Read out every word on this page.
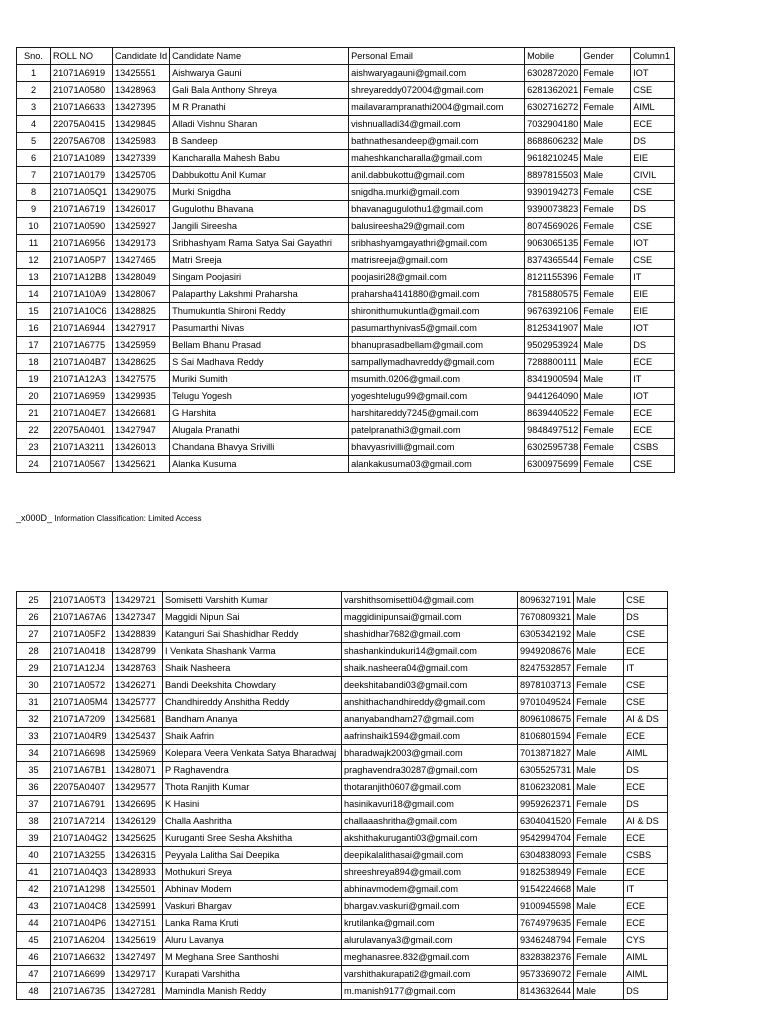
Sno.	ROLL NO	Candidate Id	Candidate Name	Personal Email	Mobile	Gender	Column1
1	21071A6919	13425551	Aishwarya Gauni	aishwaryagauni@gmail.com	6302872020	Female	IOT
2	21071A0580	13428963	Gali Bala Anthony Shreya	shreyareddy072004@gmail.com	6281362021	Female	CSE
3	21071A6633	13427395	M R Pranathi	mailavarampranathi2004@gmail.com	6302716272	Female	AIML
4	22075A0415	13429845	Alladi Vishnu Sharan	vishnualladi34@gmail.com	7032904180	Male	ECE
5	22075A6708	13425983	B Sandeep	bathnathesandeep@gmail.com	8688606232	Male	DS
6	21071A1089	13427339	Kancharalla Mahesh Babu	maheshkancharalla@gmail.com	9618210245	Male	EIE
7	21071A0179	13425705	Dabbukottu Anil Kumar	anil.dabbukottu@gmail.com	8897815503	Male	CIVIL
8	21071A05Q1	13429075	Murki Snigdha	snigdha.murki@gmail.com	9390194273	Female	CSE
9	21071A6719	13426017	Gugulothu Bhavana	bhavanagugulothu1@gmail.com	9390073823	Female	DS
10	21071A0590	13425927	Jangili Sireesha	balusireesha29@gmail.com	8074569026	Female	CSE
11	21071A6956	13429173	Sribhashyam Rama Satya Sai Gayathri	sribhashyamgayathri@gmail.com	9063065135	Female	IOT
12	21071A05P7	13427465	Matri Sreeja	matrisreeja@gmail.com	8374365544	Female	CSE
13	21071A12B8	13428049	Singam Poojasiri	poojasiri28@gmail.com	8121155396	Female	IT
14	21071A10A9	13428067	Palaparthy Lakshmi Praharsha	praharsha4141880@gmail.com	7815880575	Female	EIE
15	21071A10C6	13428825	Thumukuntla Shironi Reddy	shironithumukuntla@gmail.com	9676392106	Female	EIE
16	21071A6944	13427917	Pasumarthi Nivas	pasumarthynivas5@gmail.com	8125341907	Male	IOT
17	21071A6775	13425959	Bellam Bhanu Prasad	bhanuprasadbellam@gmail.com	9502953924	Male	DS
18	21071A04B7	13428625	S Sai Madhava Reddy	sampallymadhavreddy@gmail.com	7288800111	Male	ECE
19	21071A12A3	13427575	Muriki Sumith	msumith.0206@gmail.com	8341900594	Male	IT
20	21071A6959	13429935	Telugu Yogesh	yogeshtelugu99@gmail.com	9441264090	Male	IOT
21	21071A04E7	13426681	G Harshita	harshitareddy7245@gmail.com	8639440522	Female	ECE
22	22075A0401	13427947	Alugala Pranathi	patelpranathi3@gmail.com	9848497512	Female	ECE
23	21071A3211	13426013	Chandana Bhavya Srivilli	bhavyasrivilli@gmail.com	6302595738	Female	CSBS
24	21071A0567	13425621	Alanka Kusuma	alankakusuma03@gmail.com	6300975699	Female	CSE
_x000D_ Information Classification: Limited Access
25	21071A05T3	13429721	Somisetti Varshith Kumar	varshithsomisetti04@gmail.com	8096327191	Male	CSE
26	21071A67A6	13427347	Maggidi Nipun Sai	maggidinipunsai@gmail.com	7670809321	Male	DS
27	21071A05F2	13428839	Katanguri Sai Shashidhar Reddy	shashidhar7682@gmail.com	6305342192	Male	CSE
28	21071A0418	13428799	I Venkata Shashank Varma	shashankindukuri14@gmail.com	9949208676	Male	ECE
29	21071A12J4	13428763	Shaik Nasheera	shaik.nasheera04@gmail.com	8247532857	Female	IT
30	21071A0572	13426271	Bandi Deekshita Chowdary	deekshitabandi03@gmail.com	8978103713	Female	CSE
31	21071A05M4	13425777	Chandhireddy Anshitha Reddy	anshithachandhireddy@gmail.com	9701049524	Female	CSE
32	21071A7209	13425681	Bandham Ananya	ananyabandham27@gmail.com	8096108675	Female	AI & DS
33	21071A04R9	13425437	Shaik Aafrin	aafrinshaik1594@gmail.com	8106801594	Female	ECE
34	21071A6698	13425969	Kolepara Veera Venkata Satya Bharadwaj	bharadwajk2003@gmail.com	7013871827	Male	AIML
35	21071A67B1	13428071	P Raghavendra	praghavendra30287@gmail.com	6305525731	Male	DS
36	22075A0407	13429577	Thota Ranjith Kumar	thotaranjith0607@gmail.com	8106232081	Male	ECE
37	21071A6791	13426695	K Hasini	hasinikavuri18@gmail.com	9959262371	Female	DS
38	21071A7214	13426129	Challa Aashritha	challaaashritha@gmail.com	6304041520	Female	AI & DS
39	21071A04G2	13425625	Kuruganti Sree Sesha Akshitha	akshithakuruganti03@gmail.com	9542994704	Female	ECE
40	21071A3255	13426315	Peyyala Lalitha Sai Deepika	deepikalalithasai@gmail.com	6304838093	Female	CSBS
41	21071A04Q3	13428933	Mothukuri Sreya	shreeshreya894@gmail.com	9182538949	Female	ECE
42	21071A1298	13425501	Abhinav Modem	abhinavmodem@gmail.com	9154224668	Male	IT
43	21071A04C8	13425991	Vaskuri Bhargav	bhargav.vaskuri@gmail.com	9100945598	Male	ECE
44	21071A04P6	13427151	Lanka Rama Kruti	krutilanka@gmail.com	7674979635	Female	ECE
45	21071A6204	13425619	Aluru Lavanya	alurulavanya3@gmail.com	9346248794	Female	CYS
46	21071A6632	13427497	M Meghana Sree Santhoshi	meghanasree.832@gmail.com	8328382376	Female	AIML
47	21071A6699	13429717	Kurapati Varshitha	varshithakurapati2@gmail.com	9573369072	Female	AIML
48	21071A6735	13427281	Mamindla Manish Reddy	m.manish9177@gmail.com	8143632644	Male	DS
